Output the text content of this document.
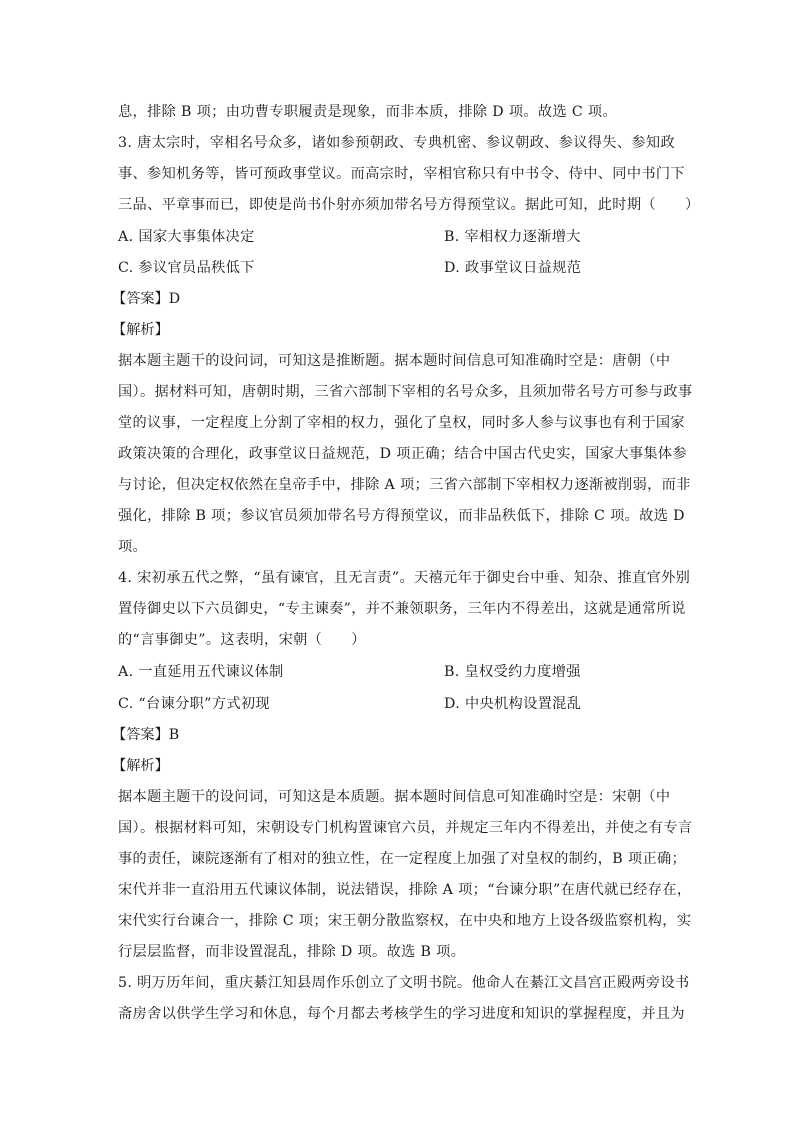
息，排除 B 项；由功曹专职履责是现象，而非本质，排除 D 项。故选 C 项。
3. 唐太宗时，宰相名号众多，诸如参预朝政、专典机密、参议朝政、参议得失、参知政
事、参知机务等，皆可预政事堂议。而高宗时，宰相官称只有中书令、侍中、同中书门下
三品、平章事而已，即使是尚书仆射亦须加带名号方得预堂议。据此可知，此时期（　　）
A. 国家大事集体决定	B. 宰相权力逐渐增大
C. 参议官员品秩低下	D. 政事堂议日益规范
【答案】D
【解析】
据本题主题干的设问词，可知这是推断题。据本题时间信息可知准确时空是：唐朝（中
国）。据材料可知，唐朝时期，三省六部制下宰相的名号众多，且须加带名号方可参与政事
堂的议事，一定程度上分割了宰相的权力，强化了皇权，同时多人参与议事也有利于国家
政策决策的合理化，政事堂议日益规范，D 项正确；结合中国古代史实，国家大事集体参
与讨论，但决定权依然在皇帝手中，排除 A 项；三省六部制下宰相权力逐渐被削弱，而非
强化，排除 B 项；参议官员须加带名号方得预堂议，而非品秩低下，排除 C 项。故选 D
项。
4. 宋初承五代之弊，“虽有谏官，且无言责”。天禧元年于御史台中垂、知杂、推直官外别
置侍御史以下六员御史，“专主谏奏”，并不兼领职务，三年内不得差出，这就是通常所说
的“言事御史”。这表明，宋朝（　　）
A. 一直延用五代谏议体制	B. 皇权受约力度增强
C. “台谏分职”方式初现	D. 中央机构设置混乱
【答案】B
【解析】
据本题主题干的设问词，可知这是本质题。据本题时间信息可知准确时空是：宋朝（中
国）。根据材料可知，宋朝设专门机构置谏官六员，并规定三年内不得差出，并使之有专言
事的责任，谏院逐渐有了相对的独立性，在一定程度上加强了对皇权的制约，B 项正确；
宋代并非一直沿用五代谏议体制，说法错误，排除 A 项；“台谏分职”在唐代就已经存在，
宋代实行台谏合一，排除 C 项；宋王朝分散监察权，在中央和地方上设各级监察机构，实
行层层监督，而非设置混乱，排除 D 项。故选 B 项。
5. 明万历年间，重庆綦江知县周作乐创立了文明书院。他命人在綦江文昌宫正殿两旁设书
斋房舍以供学生学习和休息，每个月都去考核学生的学习进度和知识的掌握程度，并且为
